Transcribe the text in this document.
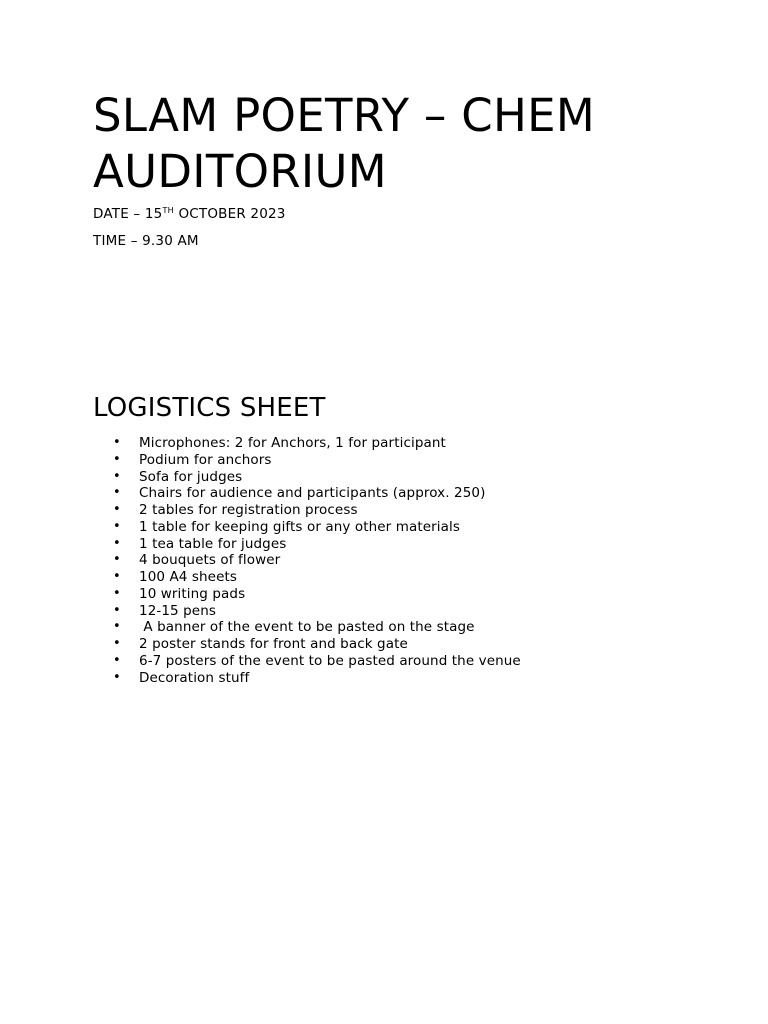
SLAM POETRY – CHEM AUDITORIUM

DATE – 15TH OCTOBER 2023

TIME – 9.30 AM

LOGISTICS SHEET
• Microphones: 2 for Anchors, 1 for participant
• Podium for anchors
• Sofa for judges
• Chairs for audience and participants (approx. 250)
• 2 tables for registration process
• 1 table for keeping gifts or any other materials
• 1 tea table for judges
• 4 bouquets of flower
• 100 A4 sheets
• 10 writing pads
• 12-15 pens
• A banner of the event to be pasted on the stage
• 2 poster stands for front and back gate
• 6-7 posters of the event to be pasted around the venue
• Decoration stuff
